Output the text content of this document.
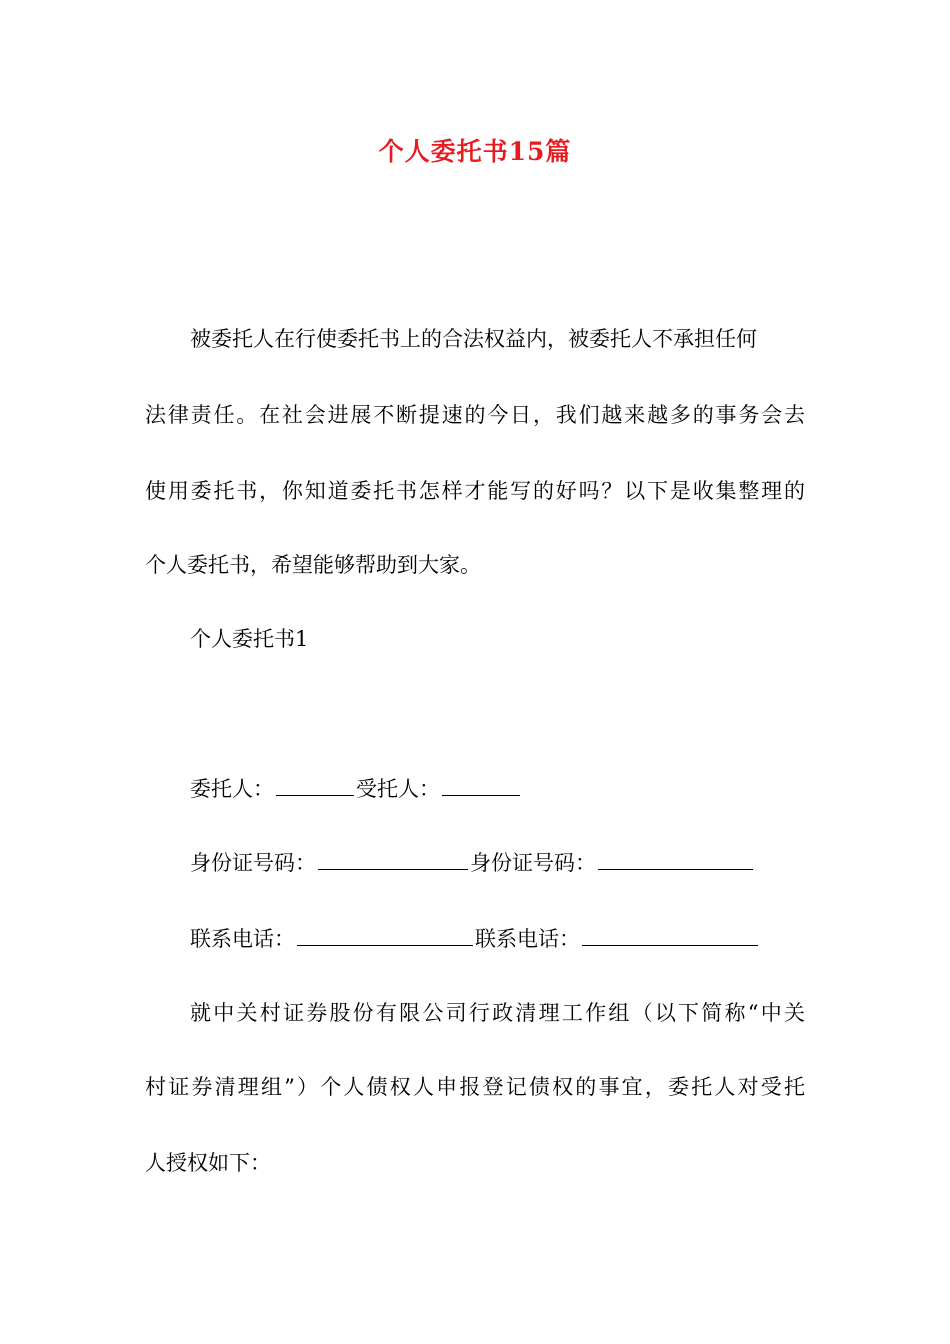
个人委托书15篇
被委托人在行使委托书上的合法权益内，被委托人不承担任何
法律责任。在社会进展不断提速的今日，我们越来越多的事务会去
使用委托书，你知道委托书怎样才能写的好吗？以下是收集整理的
个人委托书，希望能够帮助到大家。
个人委托书1
委托人：	受托人：
身份证号码：	身份证号码：
联系电话：	联系电话：
就中关村证券股份有限公司行政清理工作组（以下简称“中关
村证券清理组”）个人债权人申报登记债权的事宜，委托人对受托
人授权如下：
